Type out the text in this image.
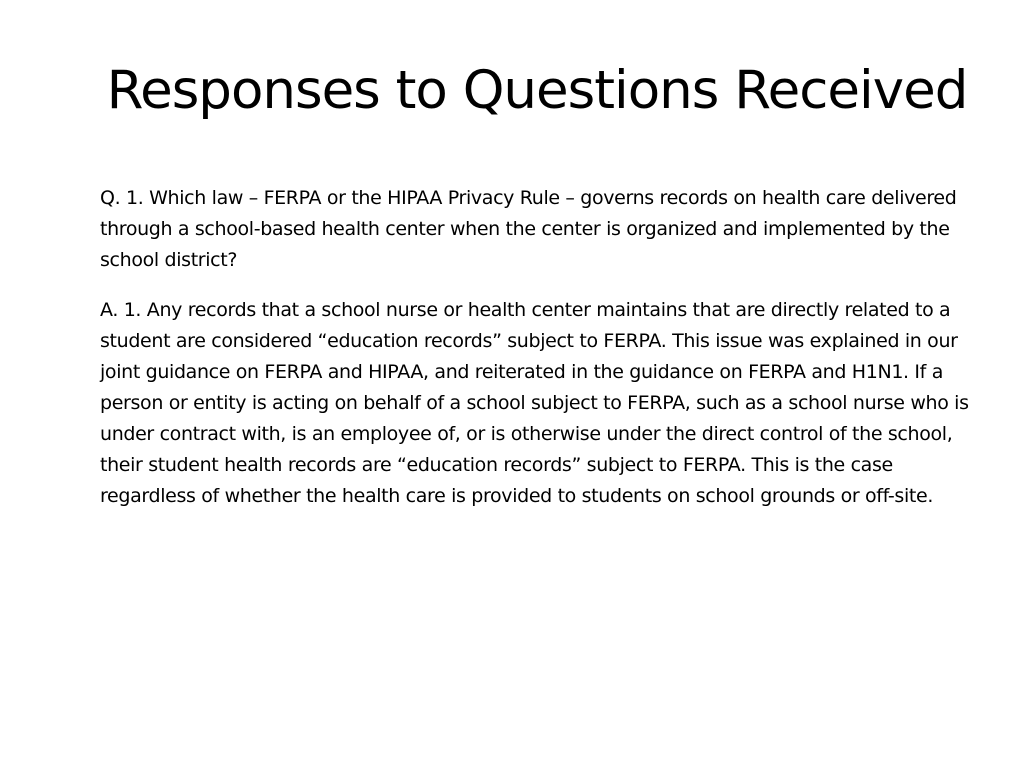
Responses to Questions Received

Q. 1. Which law – FERPA or the HIPAA Privacy Rule – governs records on health care delivered through a school-based health center when the center is organized and implemented by the school district?

A. 1. Any records that a school nurse or health center maintains that are directly related to a student are considered “education records” subject to FERPA. This issue was explained in our joint guidance on FERPA and HIPAA, and reiterated in the guidance on FERPA and H1N1. If a person or entity is acting on behalf of a school subject to FERPA, such as a school nurse who is under contract with, is an employee of, or is otherwise under the direct control of the school, their student health records are “education records” subject to FERPA. This is the case regardless of whether the health care is provided to students on school grounds or off-site.
